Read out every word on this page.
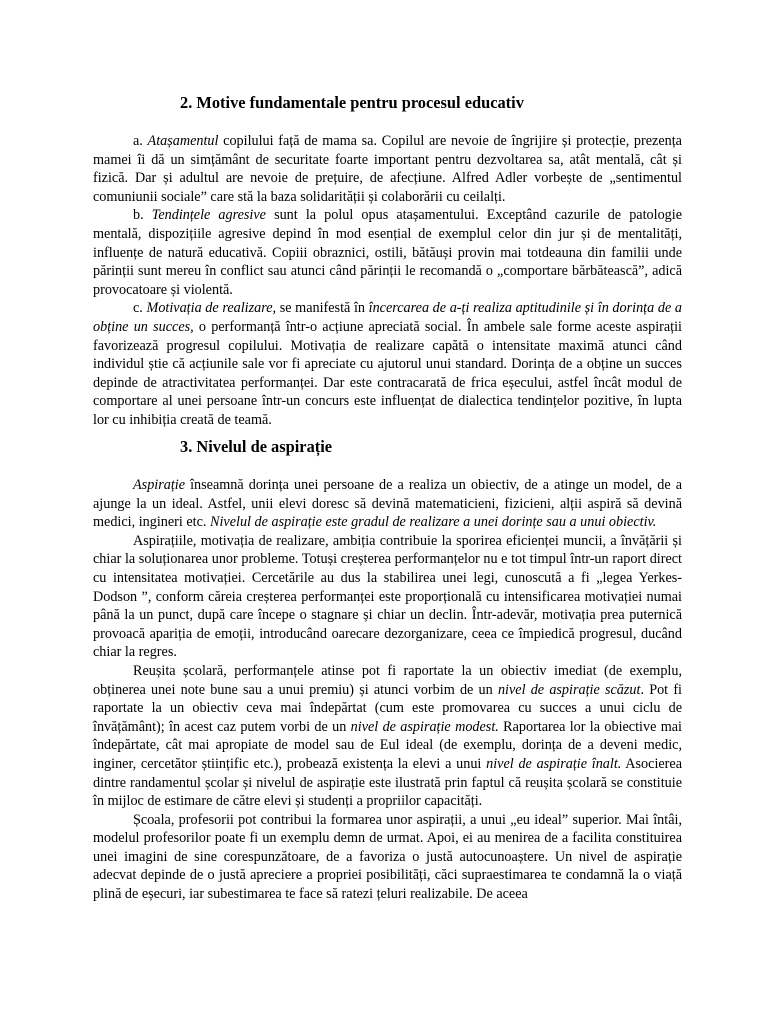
2. Motive fundamentale pentru procesul educativ

a. Atașamentul copilului față de mama sa. Copilul are nevoie de îngrijire și protecție, prezența mamei îi dă un simțământ de securitate foarte important pentru dezvoltarea sa, atât mentală, cât și fizică. Dar și adultul are nevoie de prețuire, de afecțiune. Alfred Adler vorbește de „sentimentul comuniunii sociale” care stă la baza solidarității și colaborării cu ceilalți.

b. Tendințele agresive sunt la polul opus atașamentului. Exceptând cazurile de patologie mentală, dispozițiile agresive depind în mod esențial de exemplul celor din jur și de mentalități, influențe de natură educativă. Copiii obraznici, ostili, bătăuși provin mai totdeauna din familii unde părinții sunt mereu în conflict sau atunci când părinții le recomandă o „comportare bărbătească”, adică provocatoare și violentă.

c. Motivația de realizare, se manifestă în încercarea de a-ți realiza aptitudinile și în dorința de a obține un succes, o performanță într-o acțiune apreciată social. În ambele sale forme aceste aspirații favorizează progresul copilului. Motivația de realizare capătă o intensitate maximă atunci când individul știe că acțiunile sale vor fi apreciate cu ajutorul unui standard. Dorința de a obține un succes depinde de atractivitatea performanței. Dar este contracarată de frica eșecului, astfel încât modul de comportare al unei persoane într-un concurs este influențat de dialectica tendințelor pozitive, în lupta lor cu inhibiția creată de teamă.

3. Nivelul de aspirație

Aspirație înseamnă dorința unei persoane de a realiza un obiectiv, de a atinge un model, de a ajunge la un ideal. Astfel, unii elevi doresc să devină matematicieni, fizicieni, alții aspiră să devină medici, ingineri etc. Nivelul de aspirație este gradul de realizare a unei dorințe sau a unui obiectiv.

Aspirațiile, motivația de realizare, ambiția contribuie la sporirea eficienței muncii, a învățării și chiar la soluționarea unor probleme. Totuși creșterea performanțelor nu e tot timpul într-un raport direct cu intensitatea motivației. Cercetările au dus la stabilirea unei legi, cunoscută a fi „legea Yerkes-Dodson ”, conform căreia creșterea performanței este proporțională cu intensificarea motivației numai până la un punct, după care începe o stagnare și chiar un declin. Într-adevăr, motivația prea puternică provoacă apariția de emoții, introducând oarecare dezorganizare, ceea ce împiedică progresul, ducând chiar la regres.

Reușita școlară, performanțele atinse pot fi raportate la un obiectiv imediat (de exemplu, obținerea unei note bune sau a unui premiu) și atunci vorbim de un nivel de aspirație scăzut. Pot fi raportate la un obiectiv ceva mai îndepărtat (cum este promovarea cu succes a unui ciclu de învățământ); în acest caz putem vorbi de un nivel de aspirație modest. Raportarea lor la obiective mai îndepărtate, cât mai apropiate de model sau de Eul ideal (de exemplu, dorința de a deveni medic, inginer, cercetător științific etc.), probează existența la elevi a unui nivel de aspirație înalt. Asocierea dintre randamentul școlar și nivelul de aspirație este ilustrată prin faptul că reușita școlară se constituie în mijloc de estimare de către elevi și studenți a propriilor capacități.

Școala, profesorii pot contribui la formarea unor aspirații, a unui „eu ideal” superior. Mai întâi, modelul profesorilor poate fi un exemplu demn de urmat. Apoi, ei au menirea de a facilita constituirea unei imagini de sine corespunzătoare, de a favoriza o justă autocunoaștere. Un nivel de aspirație adecvat depinde de o justă apreciere a propriei posibilități, căci supraestimarea te condamnă la o viață plină de eșecuri, iar subestimarea te face să ratezi țeluri realizabile. De aceea
